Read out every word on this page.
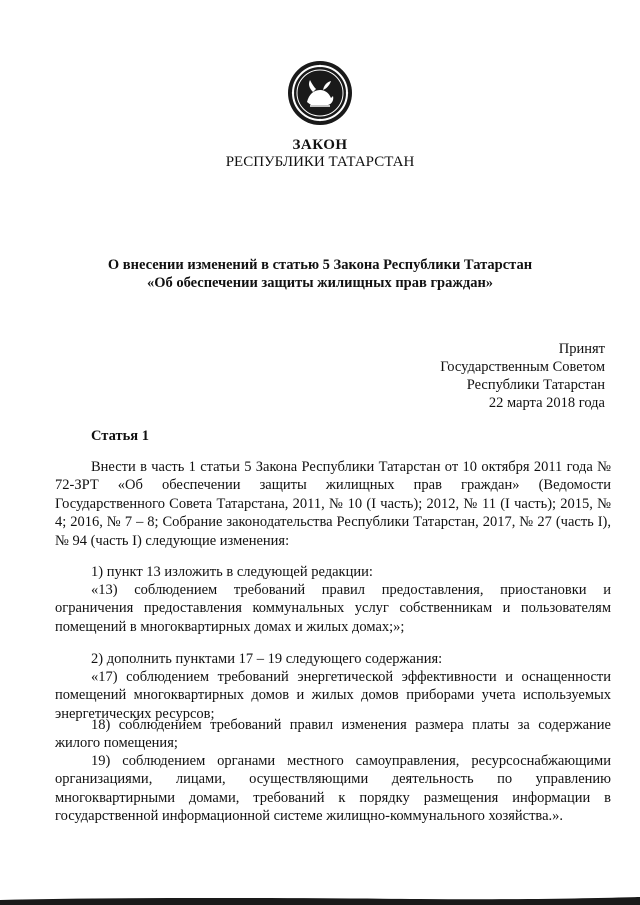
ЗАКОН
РЕСПУБЛИКИ ТАТАРСТАН
О внесении изменений в статью 5 Закона Республики Татарстан
«Об обеспечении защиты жилищных прав граждан»
Принят
Государственным Советом
Республики Татарстан
22 марта 2018 года
Статья 1

Внести в часть 1 статьи 5 Закона Республики Татарстан от 10 октября 2011 года № 72-ЗРТ «Об обеспечении защиты жилищных прав граждан» (Ведомости Государственного Совета Татарстана, 2011, № 10 (I часть); 2012, № 11 (I часть); 2015, № 4; 2016, № 7 – 8; Собрание законодательства Республики Татарстан, 2017, № 27 (часть I), № 94 (часть I) следующие изменения:

1) пункт 13 изложить в следующей редакции:

«13) соблюдением требований правил предоставления, приостановки и ограничения предоставления коммунальных услуг собственникам и пользователям помещений в многоквартирных домах и жилых домах;»;

2) дополнить пунктами 17 – 19 следующего содержания:

«17) соблюдением требований энергетической эффективности и оснащенности помещений многоквартирных домов и жилых домов приборами учета используемых энергетических ресурсов;

18) соблюдением требований правил изменения размера платы за содержание жилого помещения;

19) соблюдением органами местного самоуправления, ресурсоснабжающими организациями, лицами, осуществляющими деятельность по управлению многоквартирными домами, требований к порядку размещения информации в государственной информационной системе жилищно-коммунального хозяйства.».
